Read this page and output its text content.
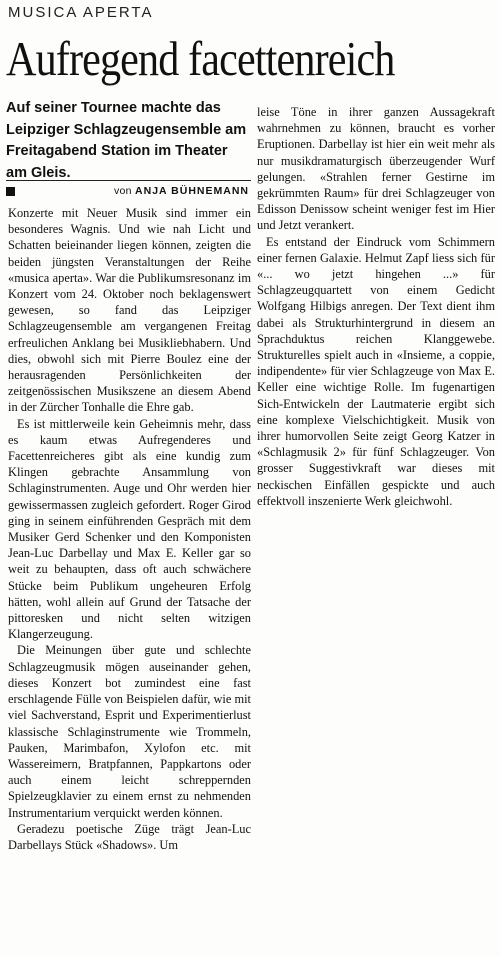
MUSICA APERTA
Aufregend facettenreich

Auf seiner Tournee machte das Leipziger Schlagzeugensemble am Freitagabend Station im Theater am Gleis.

von ANJA BÜHNEMANN

Konzerte mit Neuer Musik sind immer ein besonderes Wagnis. Und wie nah Licht und Schatten beieinander liegen können, zeigten die beiden jüngsten Veranstaltungen der Reihe «musica aperta». War die Publikumsresonanz im Konzert vom 24. Oktober noch beklagenswert gewesen, so fand das Leipziger Schlagzeugensemble am vergangenen Freitag erfreulichen Anklang bei Musikliebhabern. Und dies, obwohl sich mit Pierre Boulez eine der herausragenden Persönlichkeiten der zeitgenössischen Musikszene an diesem Abend in der Zürcher Tonhalle die Ehre gab.

Es ist mittlerweile kein Geheimnis mehr, dass es kaum etwas Aufregenderes und Facettenreicheres gibt als eine kundig zum Klingen gebrachte Ansammlung von Schlaginstrumenten. Auge und Ohr werden hier gewissermassen zugleich gefordert. Roger Girod ging in seinem einführenden Gespräch mit dem Musiker Gerd Schenker und den Komponisten Jean-Luc Darbellay und Max E. Keller gar so weit zu behaupten, dass oft auch schwächere Stücke beim Publikum ungeheuren Erfolg hätten, wohl allein auf Grund der Tatsache der pittoresken und nicht selten witzigen Klangerzeugung.

Die Meinungen über gute und schlechte Schlagzeugmusik mögen auseinander gehen, dieses Konzert bot zumindest eine fast erschlagende Fülle von Beispielen dafür, wie mit viel Sachverstand, Esprit und Experimentierlust klassische Schlaginstrumente wie Trommeln, Pauken, Marimbafon, Xylofon etc. mit Wassereimern, Bratpfannen, Pappkartons oder auch einem leicht schreppernden Spielzeugklavier zu einem ernst zu nehmenden Instrumentarium verquickt werden können.

Geradezu poetische Züge trägt Jean-Luc Darbellays Stück «Shadows». Um

leise Töne in ihrer ganzen Aussagekraft wahrnehmen zu können, braucht es vorher Eruptionen. Darbellay ist hier ein weit mehr als nur musikdramaturgisch überzeugender Wurf gelungen. «Strahlen ferner Gestirne im gekrümmten Raum» für drei Schlagzeuger von Edisson Denissow scheint weniger fest im Hier und Jetzt verankert.

Es entstand der Eindruck vom Schimmern einer fernen Galaxie. Helmut Zapf liess sich für «... wo jetzt hingehen ...» für Schlagzeugquartett von einem Gedicht Wolfgang Hilbigs anregen. Der Text dient ihm dabei als Strukturhintergrund in diesem an Sprachduktus reichen Klanggewebe. Strukturelles spielt auch in «Insieme, a coppie, indipendente» für vier Schlagzeuge von Max E. Keller eine wichtige Rolle. Im fugenartigen Sich-Entwickeln der Lautmaterie ergibt sich eine komplexe Vielschichtigkeit. Musik von ihrer humorvollen Seite zeigt Georg Katzer in «Schlagmusik 2» für fünf Schlagzeuger. Von grosser Suggestivkraft war dieses mit neckischen Einfällen gespickte und auch effektvoll inszenierte Werk gleichwohl.
